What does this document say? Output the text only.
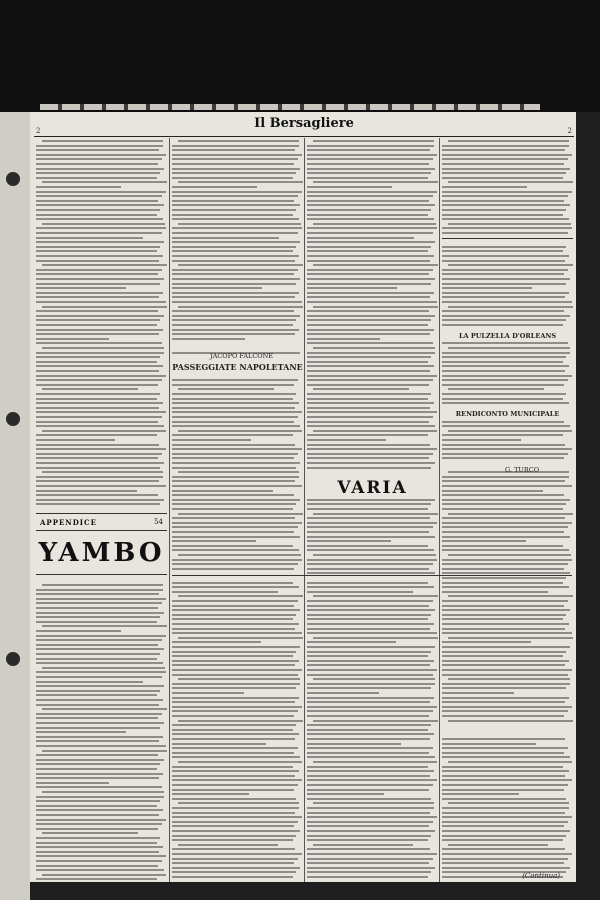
2	Il Bersagliere	2
PASSEGGIATE NAPOLETANE
VARIA
LA PULZELLA D'ORLEANS
RENDICONTO MUNICIPALE
JACOPO FALCONE
G. TURCO
APPENDICE	54
YAMBO
(Continua)
